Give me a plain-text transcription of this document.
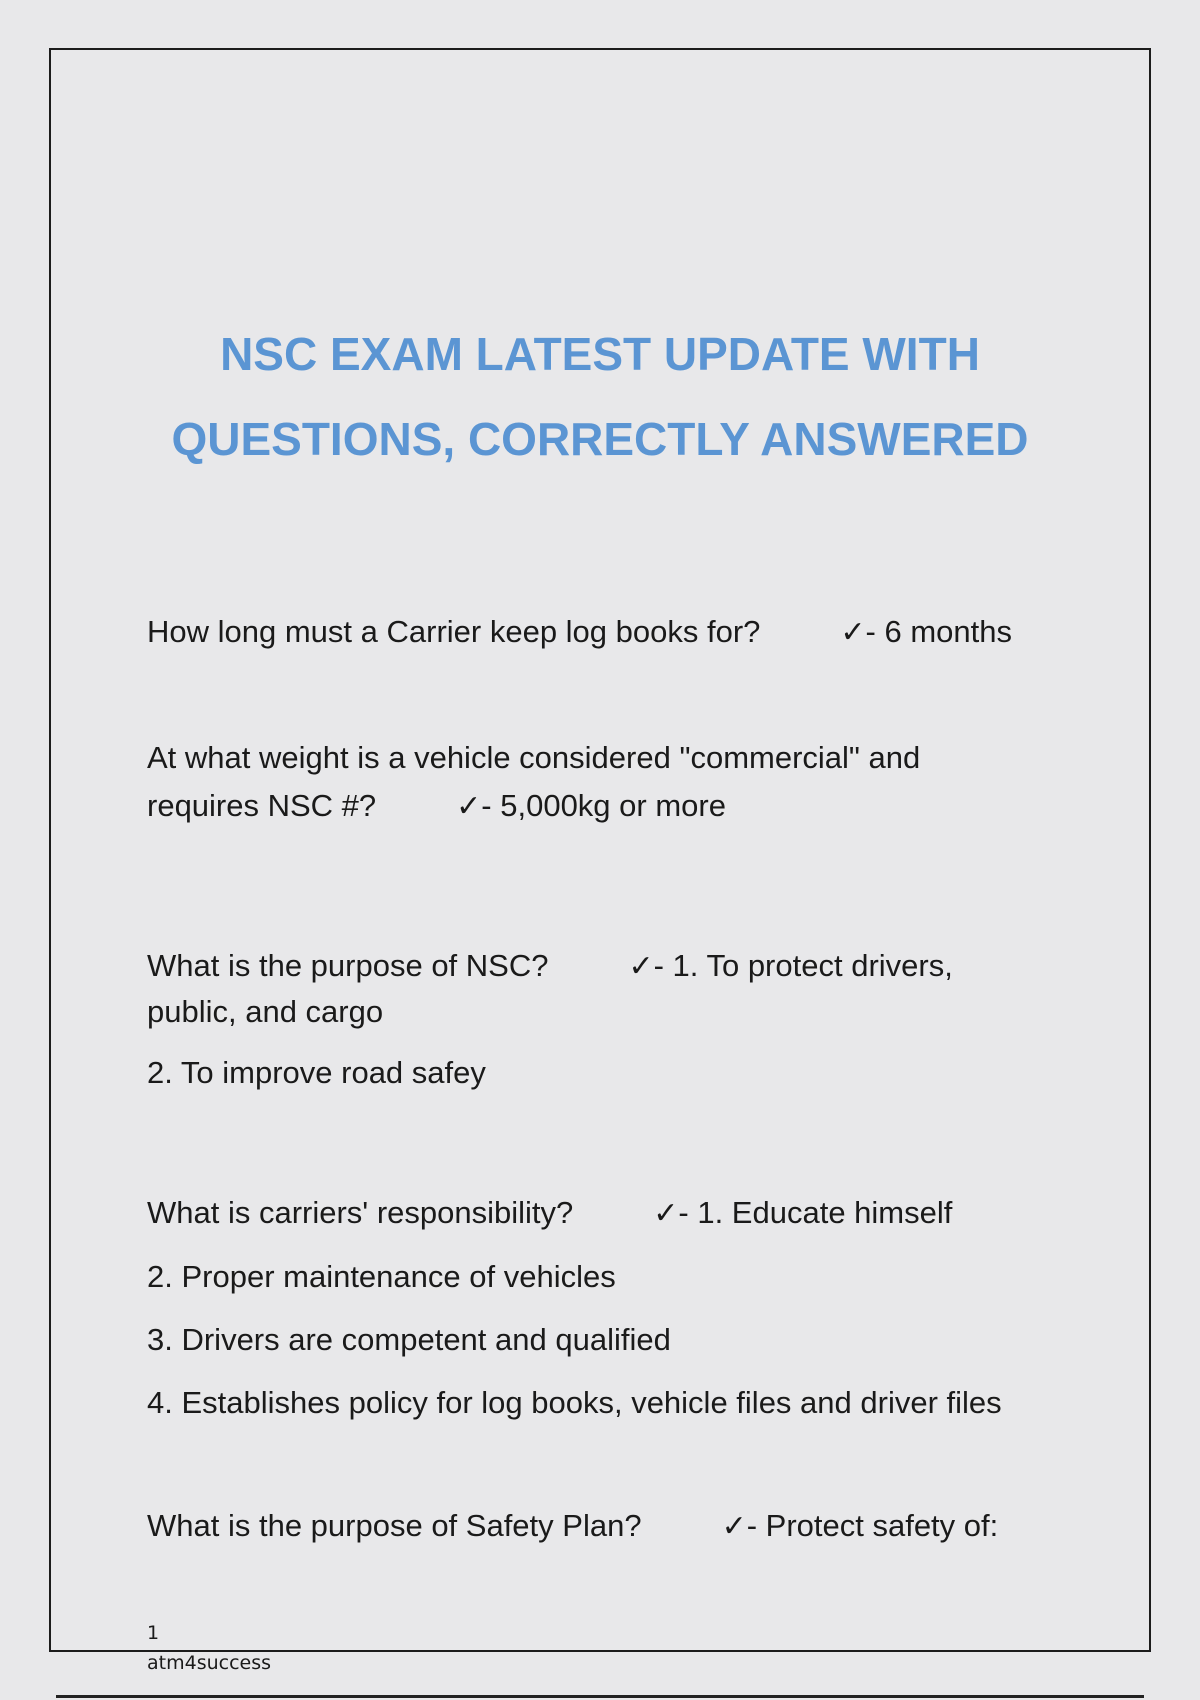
NSC EXAM LATEST UPDATE WITH
QUESTIONS, CORRECTLY ANSWERED
How long must a Carrier keep log books for?	✓- 6 months
At what weight is a vehicle considered "commercial" and
requires NSC #?	✓- 5,000kg or more
What is the purpose of NSC?	✓- 1. To protect drivers,
public, and cargo
2. To improve road safey
What is carriers' responsibility?	✓- 1. Educate himself
2. Proper maintenance of vehicles
3. Drivers are competent and qualified
4. Establishes policy for log books, vehicle files and driver files
What is the purpose of Safety Plan?	✓- Protect safety of:
1
atm4success
